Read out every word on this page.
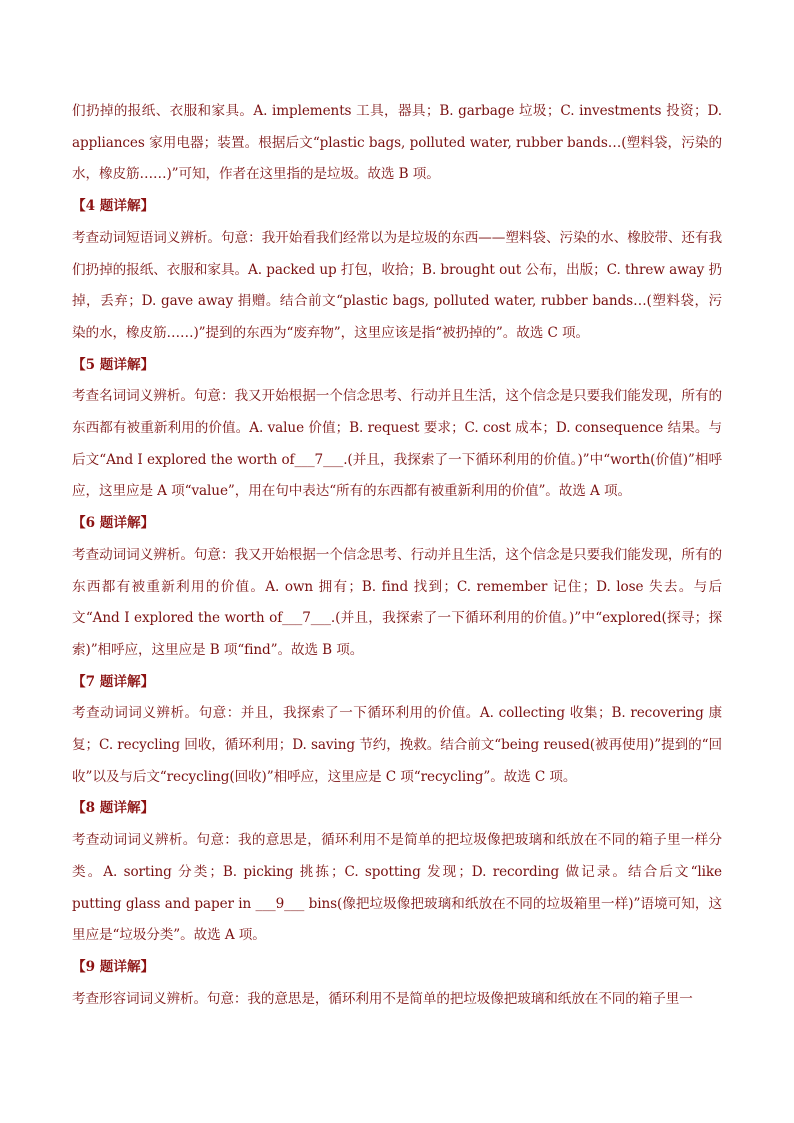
们扔掉的报纸、衣服和家具。A. implements 工具，器具；B. garbage 垃圾；C. investments 投资；D. appliances 家用电器；装置。根据后文“plastic bags, polluted water, rubber bands…(塑料袋，污染的水，橡皮筋……)”可知，作者在这里指的是垃圾。故选 B 项。

【4 题详解】

考查动词短语词义辨析。句意：我开始看我们经常以为是垃圾的东西——塑料袋、污染的水、橡胶带、还有我们扔掉的报纸、衣服和家具。A. packed up 打包，收拾；B. brought out 公布，出版；C. threw away 扔掉，丢弃；D. gave away 捐赠。结合前文“plastic bags, polluted water, rubber bands…(塑料袋，污染的水，橡皮筋……)”提到的东西为“废弃物”，这里应该是指“被扔掉的”。故选 C 项。

【5 题详解】

考查名词词义辨析。句意：我又开始根据一个信念思考、行动并且生活，这个信念是只要我们能发现，所有的东西都有被重新利用的价值。A. value 价值；B. request 要求；C. cost 成本；D. consequence 结果。与后文“And I explored the worth of___7___.(并且，我探索了一下循环利用的价值。)”中“worth(价值)”相呼应，这里应是 A 项“value”，用在句中表达“所有的东西都有被重新利用的价值”。故选 A 项。

【6 题详解】

考查动词词义辨析。句意：我又开始根据一个信念思考、行动并且生活，这个信念是只要我们能发现，所有的东西都有被重新利用的价值。A. own 拥有；B. find 找到；C. remember 记住；D. lose 失去。与后文“And I explored the worth of___7___.(并且，我探索了一下循环利用的价值。)”中“explored(探寻；探索)”相呼应，这里应是 B 项“find”。故选 B 项。

【7 题详解】

考查动词词义辨析。句意：并且，我探索了一下循环利用的价值。A. collecting 收集；B. recovering 康复；C. recycling 回收，循环利用；D. saving 节约，挽救。结合前文“being reused(被再使用)”提到的“回收”以及与后文“recycling(回收)”相呼应，这里应是 C 项“recycling”。故选 C 项。

【8 题详解】

考查动词词义辨析。句意：我的意思是，循环利用不是简单的把垃圾像把玻璃和纸放在不同的箱子里一样分类。A. sorting 分类；B. picking 挑拣；C. spotting 发现；D. recording 做记录。结合后文“like putting glass and paper in ___9___ bins(像把垃圾像把玻璃和纸放在不同的垃圾箱里一样)”语境可知，这里应是“垃圾分类”。故选 A 项。

【9 题详解】

考查形容词词义辨析。句意：我的意思是，循环利用不是简单的把垃圾像把玻璃和纸放在不同的箱子里一
